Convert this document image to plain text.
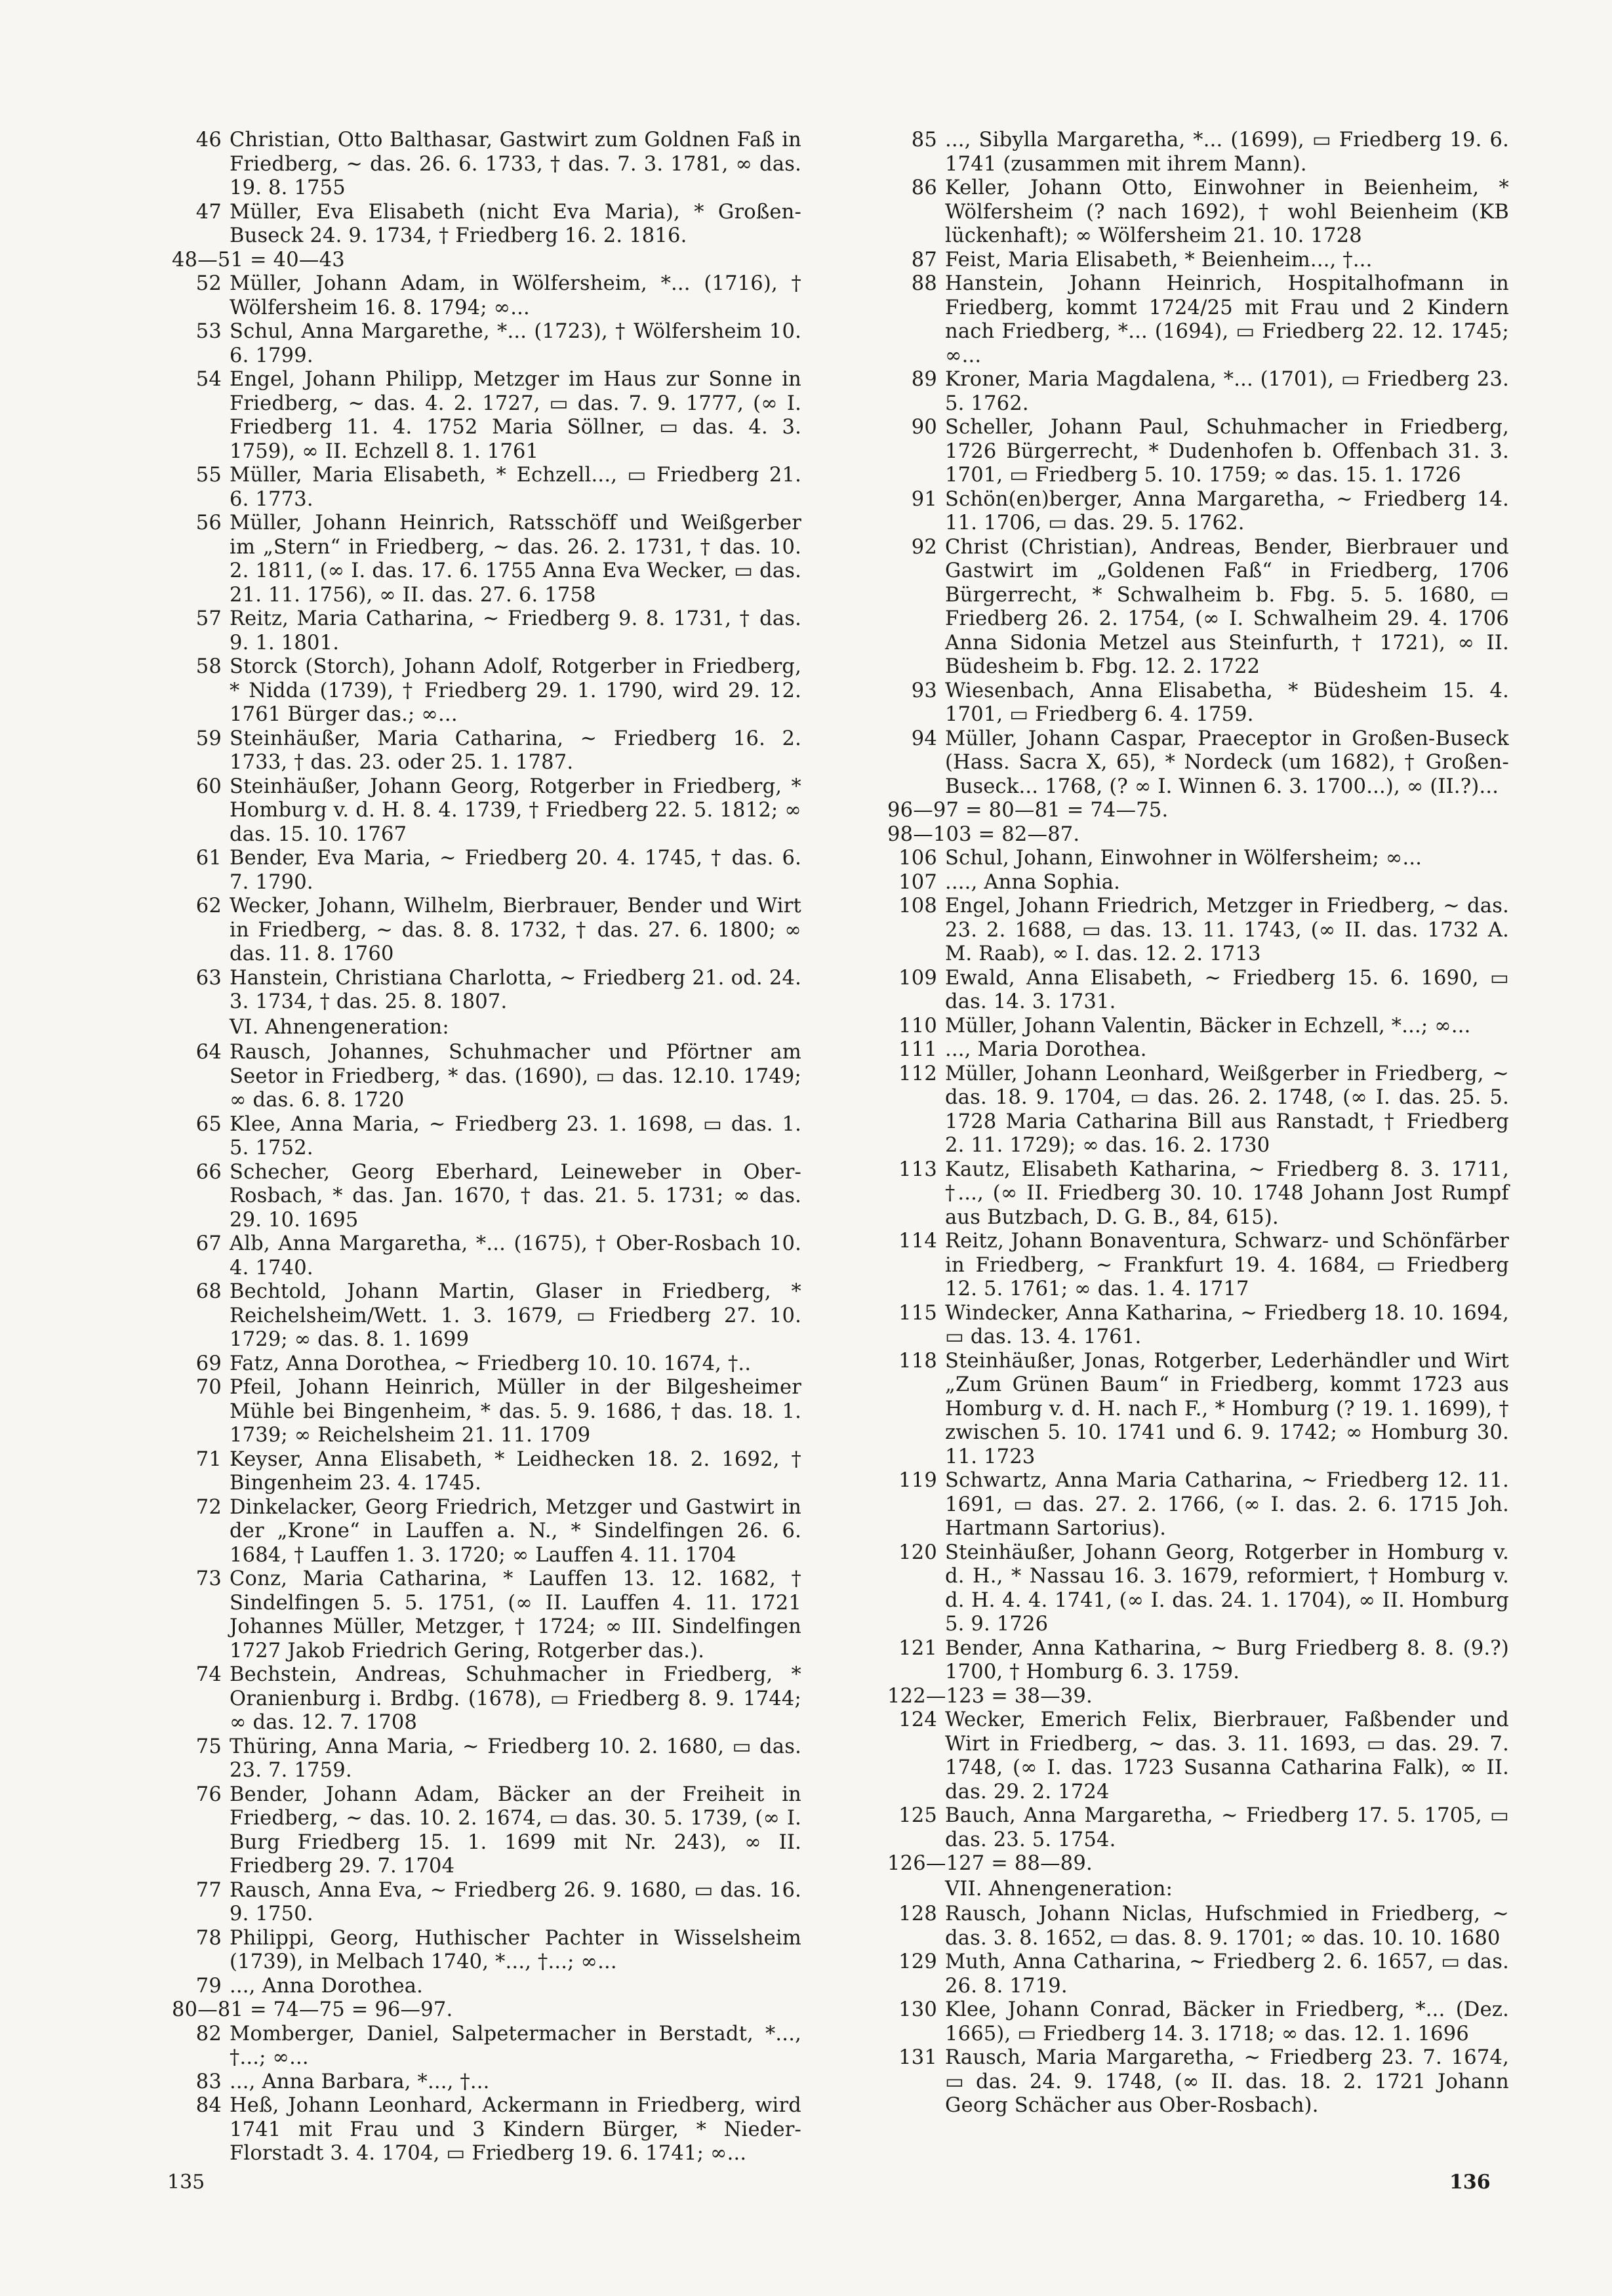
46 Christian, Otto Balthasar, Gastwirt zum Goldnen Faß in Friedberg, ~ das. 26. 6. 1733, † das. 7. 3. 1781, ∞ das. 19. 8. 1755
47 Müller, Eva Elisabeth (nicht Eva Maria), * Großen-Buseck 24. 9. 1734, † Friedberg 16. 2. 1816.
48—51 = 40—43
52 Müller, Johann Adam, in Wölfersheim, *... (1716), † Wölfersheim 16. 8. 1794; ∞...
53 Schul, Anna Margarethe, *... (1723), † Wölfersheim 10. 6. 1799.
54 Engel, Johann Philipp, Metzger im Haus zur Sonne in Friedberg, ~ das. 4. 2. 1727, ▭ das. 7. 9. 1777, (∞ I. Friedberg 11. 4. 1752 Maria Söllner, ▭ das. 4. 3. 1759), ∞ II. Echzell 8. 1. 1761
55 Müller, Maria Elisabeth, * Echzell..., ▭ Friedberg 21. 6. 1773.
56 Müller, Johann Heinrich, Ratsschöff und Weißgerber im „Stern“ in Friedberg, ~ das. 26. 2. 1731, † das. 10. 2. 1811, (∞ I. das. 17. 6. 1755 Anna Eva Wecker, ▭ das. 21. 11. 1756), ∞ II. das. 27. 6. 1758
57 Reitz, Maria Catharina, ~ Friedberg 9. 8. 1731, † das. 9. 1. 1801.
58 Storck (Storch), Johann Adolf, Rotgerber in Friedberg, * Nidda (1739), † Friedberg 29. 1. 1790, wird 29. 12. 1761 Bürger das.; ∞...
59 Steinhäußer, Maria Catharina, ~ Friedberg 16. 2. 1733, † das. 23. oder 25. 1. 1787.
60 Steinhäußer, Johann Georg, Rotgerber in Friedberg, * Homburg v. d. H. 8. 4. 1739, † Friedberg 22. 5. 1812; ∞ das. 15. 10. 1767
61 Bender, Eva Maria, ~ Friedberg 20. 4. 1745, † das. 6. 7. 1790.
62 Wecker, Johann, Wilhelm, Bierbrauer, Bender und Wirt in Friedberg, ~ das. 8. 8. 1732, † das. 27. 6. 1800; ∞ das. 11. 8. 1760
63 Hanstein, Christiana Charlotta, ~ Friedberg 21. od. 24. 3. 1734, † das. 25. 8. 1807.
VI. Ahnengeneration:
64 Rausch, Johannes, Schuhmacher und Pförtner am Seetor in Friedberg, * das. (1690), ▭ das. 12.10. 1749; ∞ das. 6. 8. 1720
65 Klee, Anna Maria, ~ Friedberg 23. 1. 1698, ▭ das. 1. 5. 1752.
66 Schecher, Georg Eberhard, Leineweber in Ober-Rosbach, * das. Jan. 1670, † das. 21. 5. 1731; ∞ das. 29. 10. 1695
67 Alb, Anna Margaretha, *... (1675), † Ober-Rosbach 10. 4. 1740.
68 Bechtold, Johann Martin, Glaser in Friedberg, * Reichelsheim/Wett. 1. 3. 1679, ▭ Friedberg 27. 10. 1729; ∞ das. 8. 1. 1699
69 Fatz, Anna Dorothea, ~ Friedberg 10. 10. 1674, †..
70 Pfeil, Johann Heinrich, Müller in der Bilgesheimer Mühle bei Bingenheim, * das. 5. 9. 1686, † das. 18. 1. 1739; ∞ Reichelsheim 21. 11. 1709
71 Keyser, Anna Elisabeth, * Leidhecken 18. 2. 1692, † Bingenheim 23. 4. 1745.
72 Dinkelacker, Georg Friedrich, Metzger und Gastwirt in der „Krone“ in Lauffen a. N., * Sindelfingen 26. 6. 1684, † Lauffen 1. 3. 1720; ∞ Lauffen 4. 11. 1704
73 Conz, Maria Catharina, * Lauffen 13. 12. 1682, † Sindelfingen 5. 5. 1751, (∞ II. Lauffen 4. 11. 1721 Johannes Müller, Metzger, † 1724; ∞ III. Sindelfingen 1727 Jakob Friedrich Gering, Rotgerber das.).
74 Bechstein, Andreas, Schuhmacher in Friedberg, * Oranienburg i. Brdbg. (1678), ▭ Friedberg 8. 9. 1744; ∞ das. 12. 7. 1708
75 Thüring, Anna Maria, ~ Friedberg 10. 2. 1680, ▭ das. 23. 7. 1759.
76 Bender, Johann Adam, Bäcker an der Freiheit in Friedberg, ~ das. 10. 2. 1674, ▭ das. 30. 5. 1739, (∞ I. Burg Friedberg 15. 1. 1699 mit Nr. 243), ∞ II. Friedberg 29. 7. 1704
77 Rausch, Anna Eva, ~ Friedberg 26. 9. 1680, ▭ das. 16. 9. 1750.
78 Philippi, Georg, Huthischer Pachter in Wisselsheim (1739), in Melbach 1740, *..., †...; ∞...
79 ..., Anna Dorothea.
80—81 = 74—75 = 96—97.
82 Momberger, Daniel, Salpetermacher in Berstadt, *..., †...; ∞...
83 ..., Anna Barbara, *..., †...
84 Heß, Johann Leonhard, Ackermann in Friedberg, wird 1741 mit Frau und 3 Kindern Bürger, * Nieder-Florstadt 3. 4. 1704, ▭ Friedberg 19. 6. 1741; ∞...
85 ..., Sibylla Margaretha, *... (1699), ▭ Friedberg 19. 6. 1741 (zusammen mit ihrem Mann).
86 Keller, Johann Otto, Einwohner in Beienheim, * Wölfersheim (? nach 1692), † wohl Beienheim (KB lückenhaft); ∞ Wölfersheim 21. 10. 1728
87 Feist, Maria Elisabeth, * Beienheim..., †...
88 Hanstein, Johann Heinrich, Hospitalhofmann in Friedberg, kommt 1724/25 mit Frau und 2 Kindern nach Friedberg, *... (1694), ▭ Friedberg 22. 12. 1745; ∞...
89 Kroner, Maria Magdalena, *... (1701), ▭ Friedberg 23. 5. 1762.
90 Scheller, Johann Paul, Schuhmacher in Friedberg, 1726 Bürgerrecht, * Dudenhofen b. Offenbach 31. 3. 1701, ▭ Friedberg 5. 10. 1759; ∞ das. 15. 1. 1726
91 Schön(en)berger, Anna Margaretha, ~ Friedberg 14. 11. 1706, ▭ das. 29. 5. 1762.
92 Christ (Christian), Andreas, Bender, Bierbrauer und Gastwirt im „Goldenen Faß“ in Friedberg, 1706 Bürgerrecht, * Schwalheim b. Fbg. 5. 5. 1680, ▭ Friedberg 26. 2. 1754, (∞ I. Schwalheim 29. 4. 1706 Anna Sidonia Metzel aus Steinfurth, † 1721), ∞ II. Büdesheim b. Fbg. 12. 2. 1722
93 Wiesenbach, Anna Elisabetha, * Büdesheim 15. 4. 1701, ▭ Friedberg 6. 4. 1759.
94 Müller, Johann Caspar, Praeceptor in Großen-Buseck (Hass. Sacra X, 65), * Nordeck (um 1682), † Großen-Buseck... 1768, (? ∞ I. Winnen 6. 3. 1700...), ∞ (II.?)...
96—97 = 80—81 = 74—75.
98—103 = 82—87.
106 Schul, Johann, Einwohner in Wölfersheim; ∞...
107 ...., Anna Sophia.
108 Engel, Johann Friedrich, Metzger in Friedberg, ~ das. 23. 2. 1688, ▭ das. 13. 11. 1743, (∞ II. das. 1732 A. M. Raab), ∞ I. das. 12. 2. 1713
109 Ewald, Anna Elisabeth, ~ Friedberg 15. 6. 1690, ▭ das. 14. 3. 1731.
110 Müller, Johann Valentin, Bäcker in Echzell, *...; ∞...
111 ..., Maria Dorothea.
112 Müller, Johann Leonhard, Weißgerber in Friedberg, ~ das. 18. 9. 1704, ▭ das. 26. 2. 1748, (∞ I. das. 25. 5. 1728 Maria Catharina Bill aus Ranstadt, † Friedberg 2. 11. 1729); ∞ das. 16. 2. 1730
113 Kautz, Elisabeth Katharina, ~ Friedberg 8. 3. 1711, †..., (∞ II. Friedberg 30. 10. 1748 Johann Jost Rumpf aus Butzbach, D. G. B., 84, 615).
114 Reitz, Johann Bonaventura, Schwarz- und Schönfärber in Friedberg, ~ Frankfurt 19. 4. 1684, ▭ Friedberg 12. 5. 1761; ∞ das. 1. 4. 1717
115 Windecker, Anna Katharina, ~ Friedberg 18. 10. 1694, ▭ das. 13. 4. 1761.
118 Steinhäußer, Jonas, Rotgerber, Lederhändler und Wirt „Zum Grünen Baum“ in Friedberg, kommt 1723 aus Homburg v. d. H. nach F., * Homburg (? 19. 1. 1699), † zwischen 5. 10. 1741 und 6. 9. 1742; ∞ Homburg 30. 11. 1723
119 Schwartz, Anna Maria Catharina, ~ Friedberg 12. 11. 1691, ▭ das. 27. 2. 1766, (∞ I. das. 2. 6. 1715 Joh. Hartmann Sartorius).
120 Steinhäußer, Johann Georg, Rotgerber in Homburg v. d. H., * Nassau 16. 3. 1679, reformiert, † Homburg v. d. H. 4. 4. 1741, (∞ I. das. 24. 1. 1704), ∞ II. Homburg 5. 9. 1726
121 Bender, Anna Katharina, ~ Burg Friedberg 8. 8. (9.?) 1700, † Homburg 6. 3. 1759.
122—123 = 38—39.
124 Wecker, Emerich Felix, Bierbrauer, Faßbender und Wirt in Friedberg, ~ das. 3. 11. 1693, ▭ das. 29. 7. 1748, (∞ I. das. 1723 Susanna Catharina Falk), ∞ II. das. 29. 2. 1724
125 Bauch, Anna Margaretha, ~ Friedberg 17. 5. 1705, ▭ das. 23. 5. 1754.
126—127 = 88—89.
VII. Ahnengeneration:
128 Rausch, Johann Niclas, Hufschmied in Friedberg, ~ das. 3. 8. 1652, ▭ das. 8. 9. 1701; ∞ das. 10. 10. 1680
129 Muth, Anna Catharina, ~ Friedberg 2. 6. 1657, ▭ das. 26. 8. 1719.
130 Klee, Johann Conrad, Bäcker in Friedberg, *... (Dez. 1665), ▭ Friedberg 14. 3. 1718; ∞ das. 12. 1. 1696
131 Rausch, Maria Margaretha, ~ Friedberg 23. 7. 1674, ▭ das. 24. 9. 1748, (∞ II. das. 18. 2. 1721 Johann Georg Schächer aus Ober-Rosbach).
135	136
